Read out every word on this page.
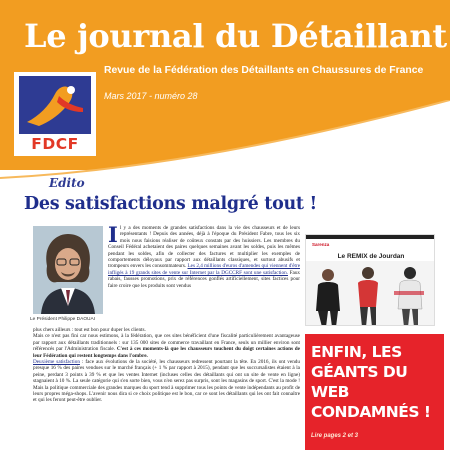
Le journal du Détaillant
Revue de la Fédération des Détaillants en Chaussures de France
Mars 2017 - numéro 28
FDCF
Edito
Des satisfactions malgré tout !
Le Président Philippe DAOUAI
Il y a des moments de grandes satisfactions dans la vie des chausseurs et de leurs représentants ! Depuis des années, déjà à l'époque du Président Fabre, tous les six mois nous faisions réaliser de coûteux constats par des huissiers. Les membres du Conseil Fédéral achetaient des paires quelques semaines avant les soldes, puis les mêmes pendant les soldes, afin de collecter des factures et multiplier les exemples de comportements déloyaux par rapport aux détaillants classiques, et surtout abusifs et trompeurs envers les consommateurs. Les 2,4 millions d'euros d'amendes qui viennent d'être infligés à 19 grands sites de vente sur Internet par la DGCCRF sont une satisfaction. Faux rabais, fausses promotions, prix de références gonflés artificiellement, sites factices pour faire croire que les produits sont vendus
plus chers ailleurs : tout est bon pour duper les clients.
Mais ce n'est pas fini car nous estimons, à la fédération, que ces sites bénéficient d'une fiscalité particulièrement avantageuse par rapport aux détaillants traditionnels : sur 135 000 sites de commerce travaillant en France, seuls un millier environ sont référencés par l'Administration fiscale. C'est à ces moments-là que les chausseurs touchent du doigt certaines actions de leur Fédération qui restent longtemps dans l'ombre.
Deuxième satisfaction : face aux évolutions de la société, les chausseurs redressent pourtant la tête. En 2016, ils ont vendu presque 16 % des paires vendues sur le marché français (+ 1 % par rapport à 2015), pendant que les succursalistes étaient à la peine, perdant 3 points à 39 % et que les ventes Internet (incluses celles des détaillants qui ont un site de vente en ligne) stagnaient à 10 %. La seule catégorie qui s'en sorte bien, vous n'en serez pas surpris, sont les magasins de sport. C'est la mode ! Mais la politique commerciale des grandes marques du sport tend à supprimer tous les points de vente indépendants au profit de leurs propres méga-shops. L'avenir nous dira si ce choix politique est le bon, car ce sont les détaillants qui les ont fait connaître et qui les feront peut-être oublier.
Sarenza
Le REMIX de Jourdan
ENFIN, LES GÉANTS DU WEB CONDAMNÉS !
Lire pages 2 et 3
